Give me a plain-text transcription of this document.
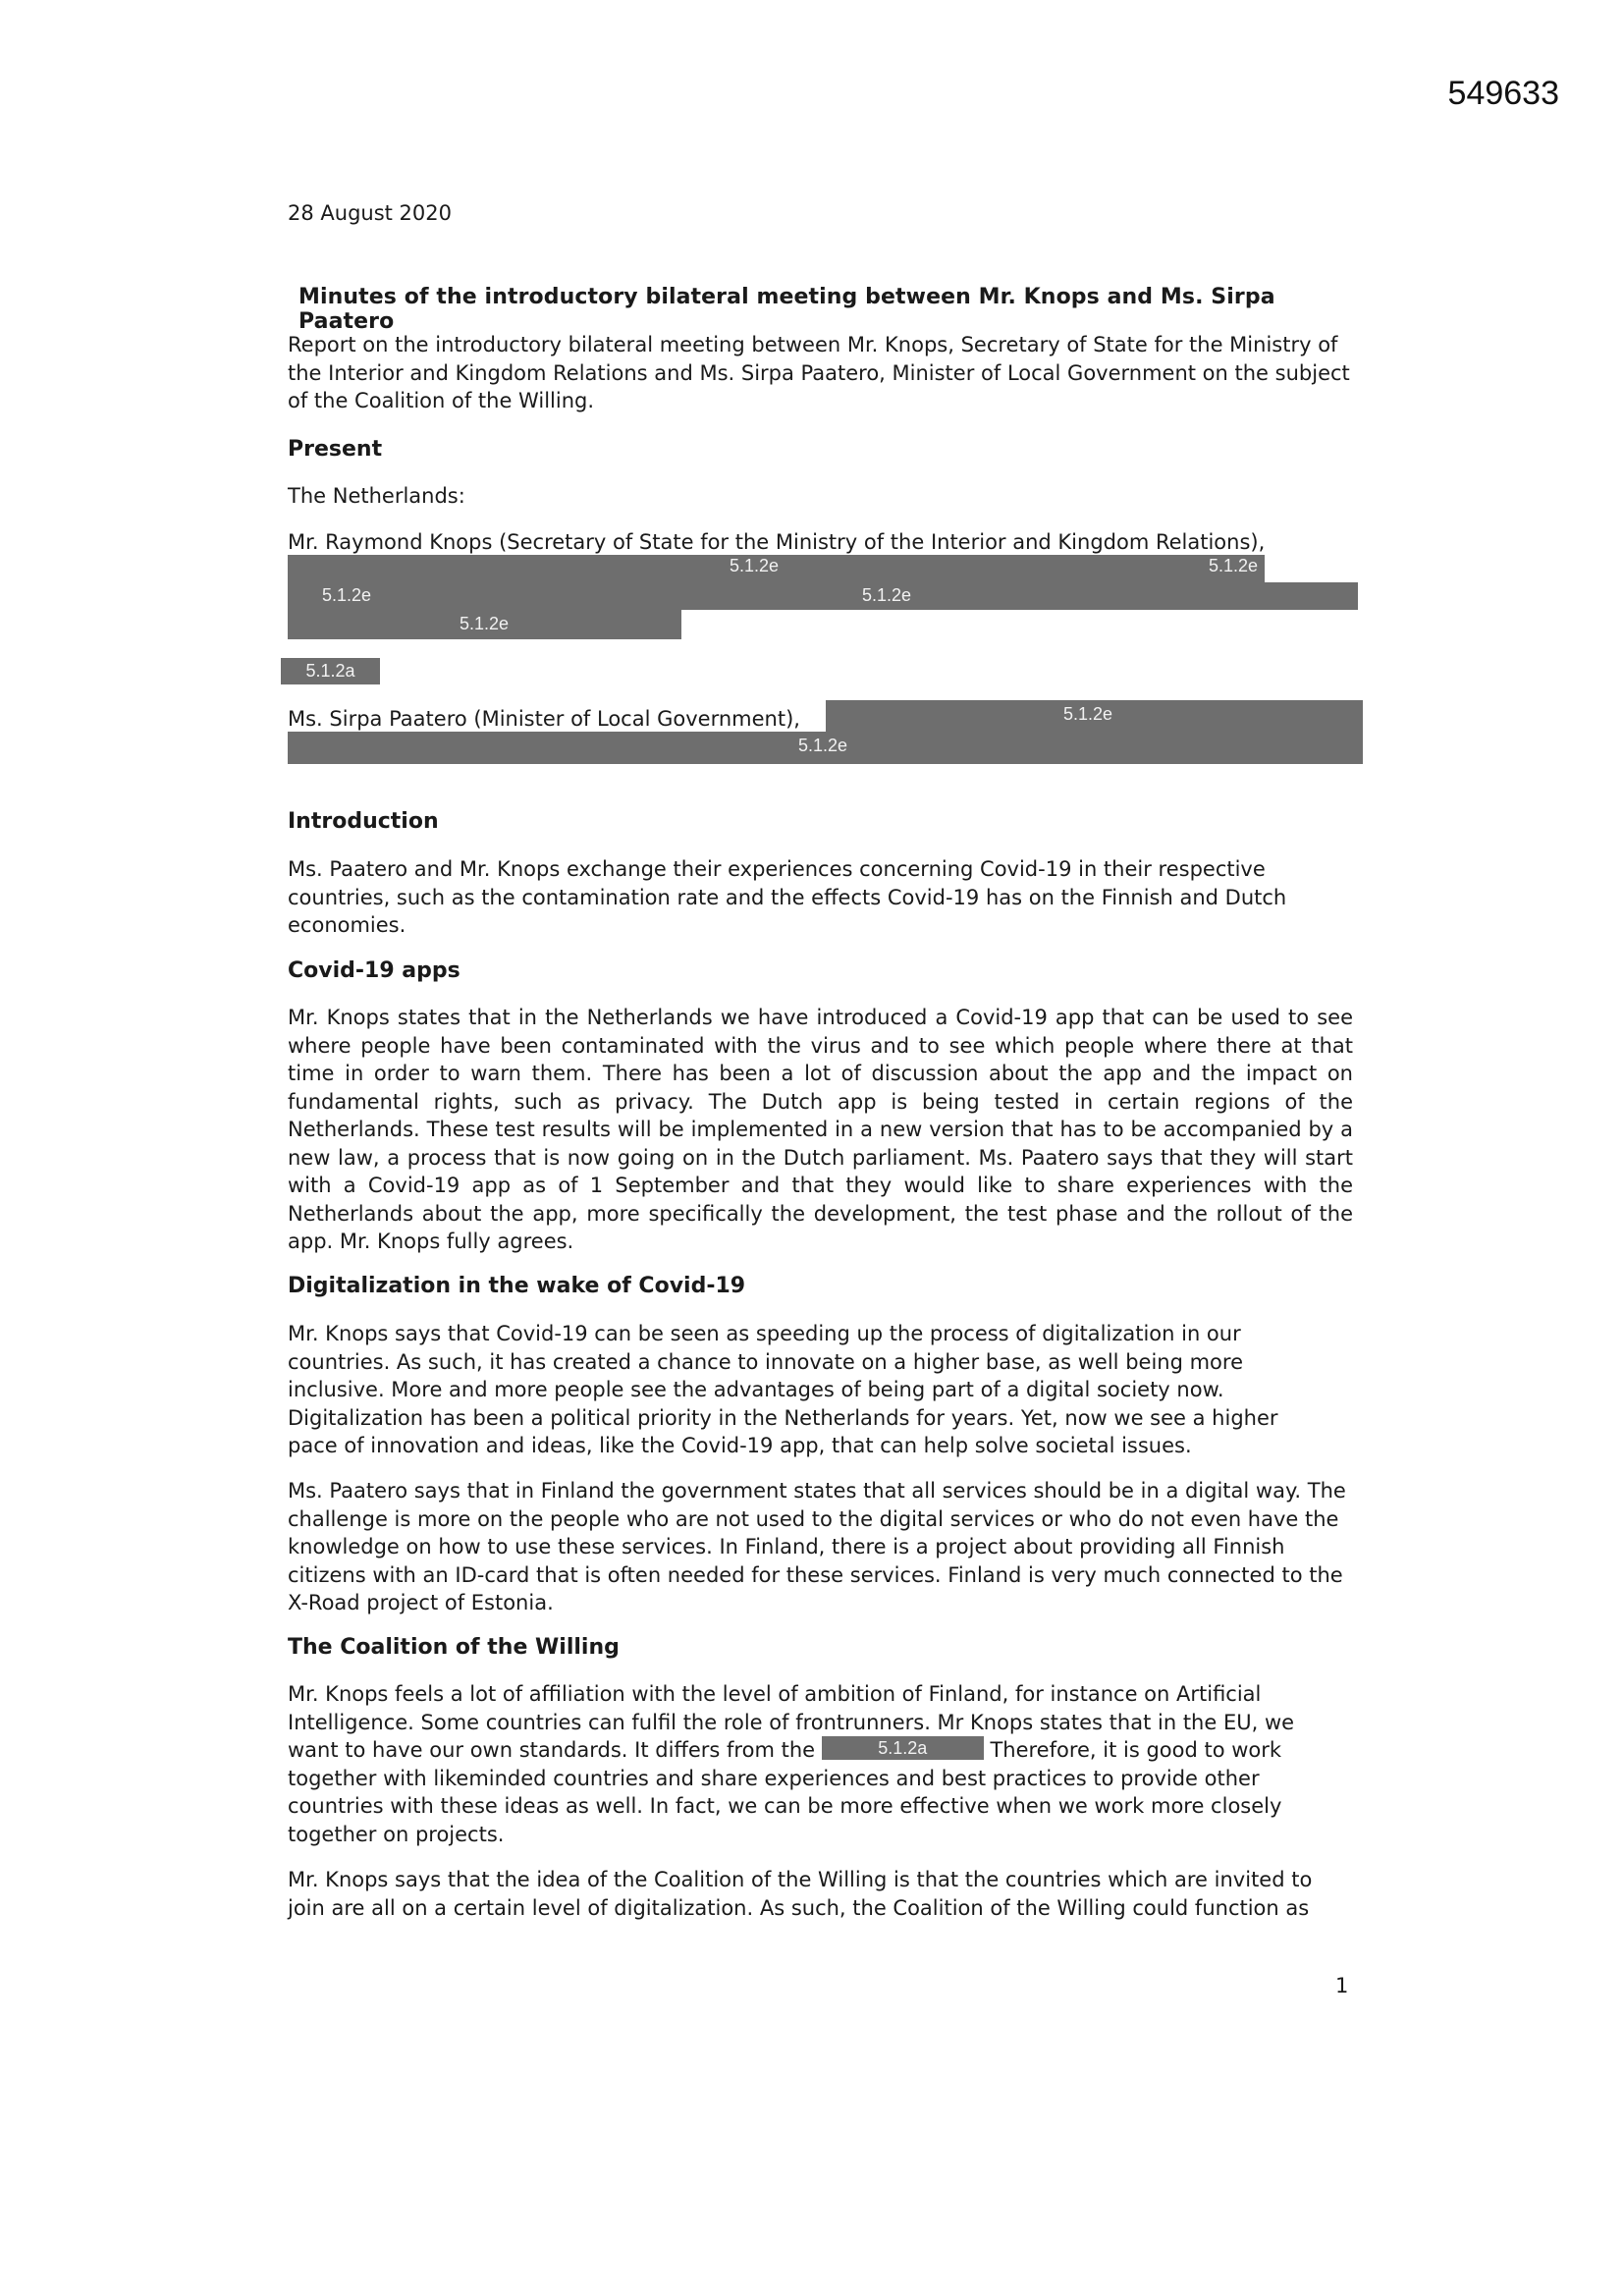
549633

28 August 2020

Minutes of the introductory bilateral meeting between Mr. Knops and Ms. Sirpa Paatero

Report on the introductory bilateral meeting between Mr. Knops, Secretary of State for the Ministry of the Interior and Kingdom Relations and Ms. Sirpa Paatero, Minister of Local Government on the subject of the Coalition of the Willing.

Present

The Netherlands:

Mr. Raymond Knops (Secretary of State for the Ministry of the Interior and Kingdom Relations),

5.1.2e	5.1.2e
5.1.2e	5.1.2e
5.1.2e
5.1.2a

Ms. Sirpa Paatero (Minister of Local Government),	5.1.2e
5.1.2e
Introduction

Ms. Paatero and Mr. Knops exchange their experiences concerning Covid-19 in their respective countries, such as the contamination rate and the effects Covid-19 has on the Finnish and Dutch economies.

Covid-19 apps

Mr. Knops states that in the Netherlands we have introduced a Covid-19 app that can be used to see where people have been contaminated with the virus and to see which people where there at that time in order to warn them. There has been a lot of discussion about the app and the impact on fundamental rights, such as privacy. The Dutch app is being tested in certain regions of the Netherlands. These test results will be implemented in a new version that has to be accompanied by a new law, a process that is now going on in the Dutch parliament. Ms. Paatero says that they will start with a Covid-19 app as of 1 September and that they would like to share experiences with the Netherlands about the app, more specifically the development, the test phase and the rollout of the app. Mr. Knops fully agrees.

Digitalization in the wake of Covid-19

Mr. Knops says that Covid-19 can be seen as speeding up the process of digitalization in our countries. As such, it has created a chance to innovate on a higher base, as well being more inclusive. More and more people see the advantages of being part of a digital society now. Digitalization has been a political priority in the Netherlands for years. Yet, now we see a higher pace of innovation and ideas, like the Covid-19 app, that can help solve societal issues.

Ms. Paatero says that in Finland the government states that all services should be in a digital way. The challenge is more on the people who are not used to the digital services or who do not even have the knowledge on how to use these services. In Finland, there is a project about providing all Finnish citizens with an ID-card that is often needed for these services. Finland is very much connected to the X-Road project of Estonia.

The Coalition of the Willing

Mr. Knops feels a lot of affiliation with the level of ambition of Finland, for instance on Artificial Intelligence. Some countries can fulfil the role of frontrunners. Mr Knops states that in the EU, we want to have our own standards. It differs from the	5.1.2a	Therefore, it is good to work together with likeminded countries and share experiences and best practices to provide other countries with these ideas as well. In fact, we can be more effective when we work more closely together on projects.

Mr. Knops says that the idea of the Coalition of the Willing is that the countries which are invited to join are all on a certain level of digitalization. As such, the Coalition of the Willing could function as

1
